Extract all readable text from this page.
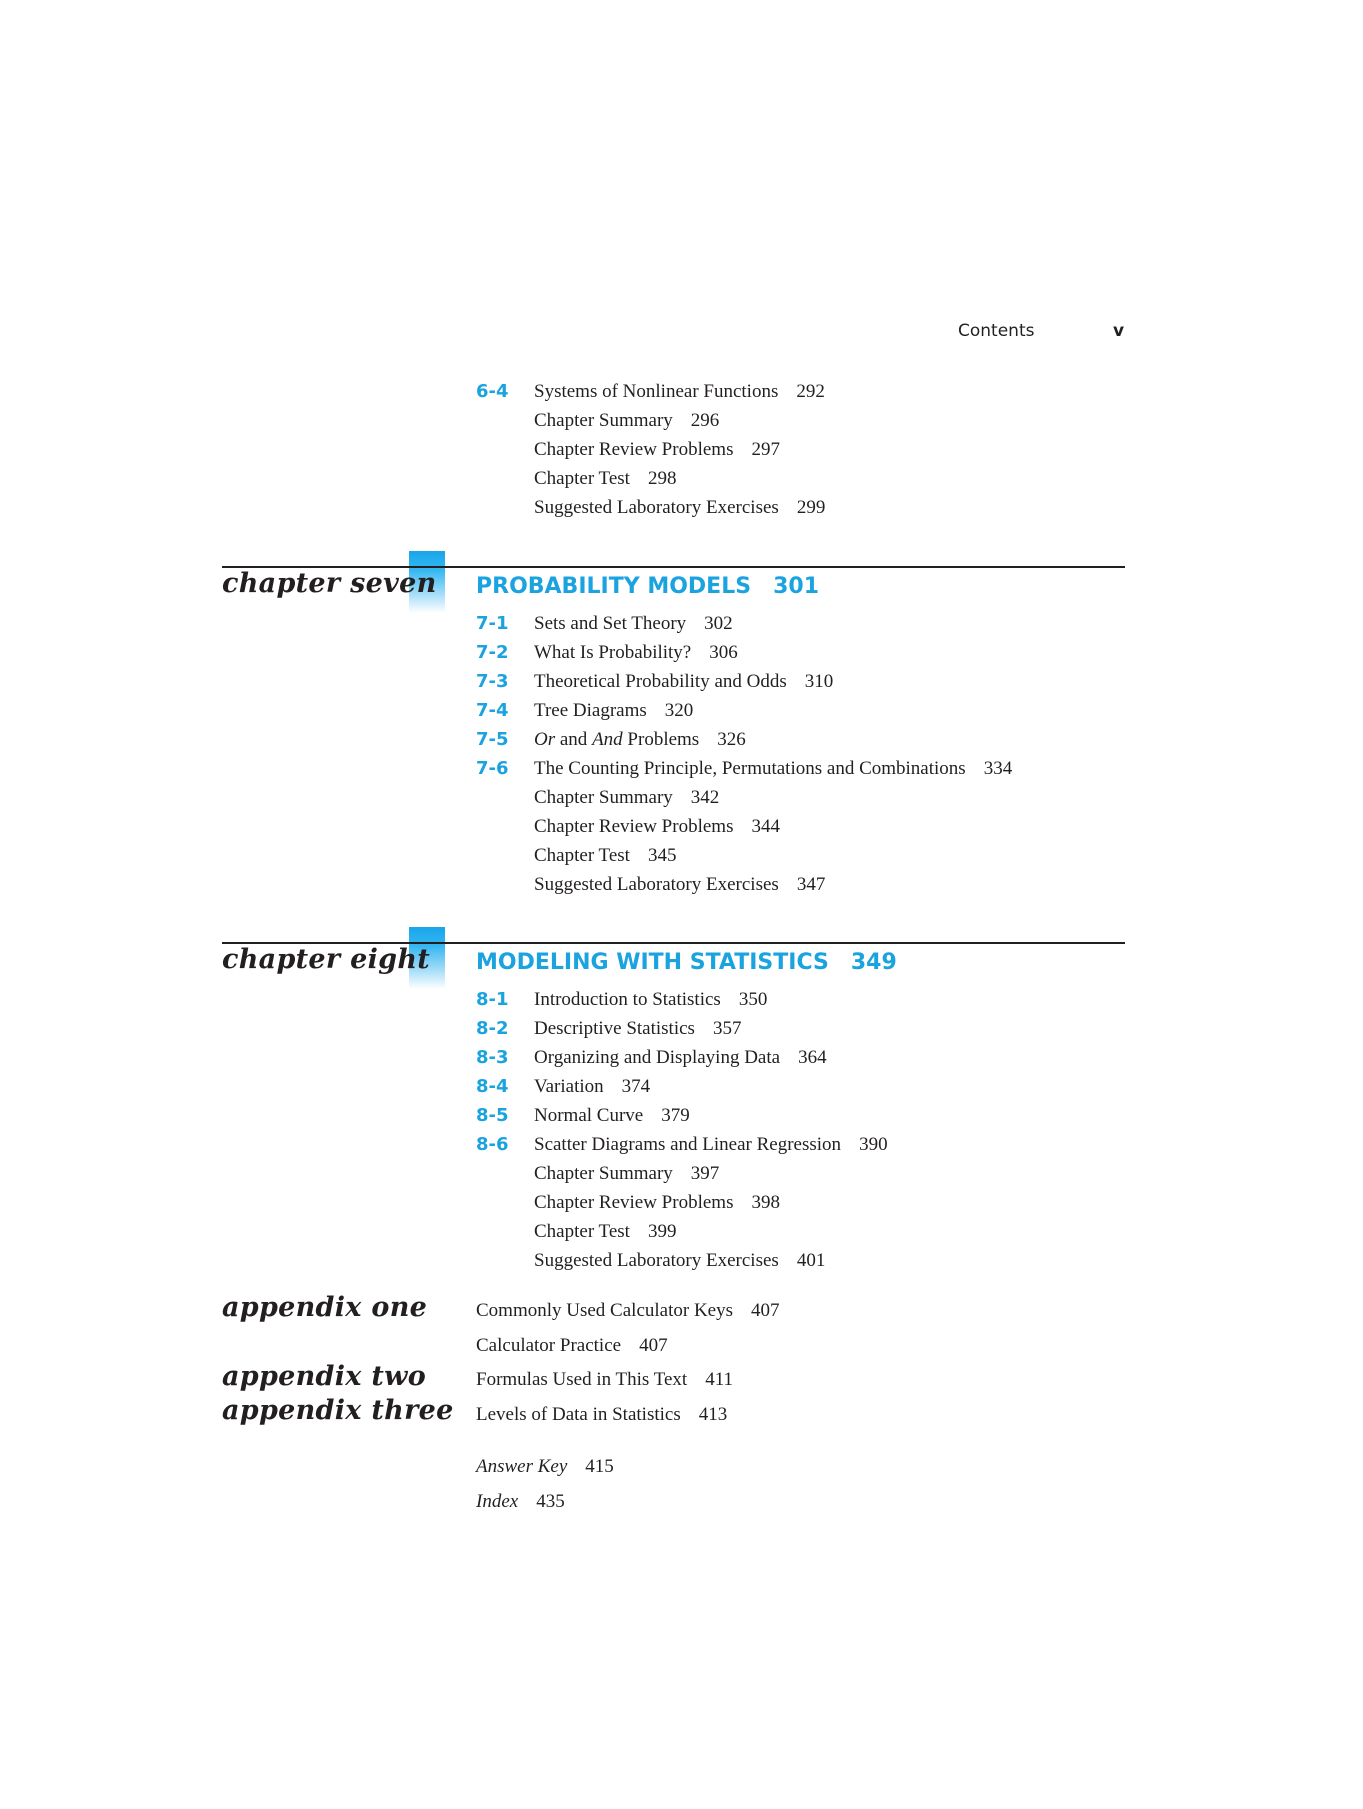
Contents	v
6-4 Systems of Nonlinear Functions 292
Chapter Summary 296
Chapter Review Problems 297
Chapter Test 298
Suggested Laboratory Exercises 299
chapter seven PROBABILITY MODELS 301
7-1 Sets and Set Theory 302
7-2 What Is Probability? 306
7-3 Theoretical Probability and Odds 310
7-4 Tree Diagrams 320
7-5 Or and And Problems 326
7-6 The Counting Principle, Permutations and Combinations 334
Chapter Summary 342
Chapter Review Problems 344
Chapter Test 345
Suggested Laboratory Exercises 347
chapter eight MODELING WITH STATISTICS 349
8-1 Introduction to Statistics 350
8-2 Descriptive Statistics 357
8-3 Organizing and Displaying Data 364
8-4 Variation 374
8-5 Normal Curve 379
8-6 Scatter Diagrams and Linear Regression 390
Chapter Summary 397
Chapter Review Problems 398
Chapter Test 399
Suggested Laboratory Exercises 401
appendix one	Commonly Used Calculator Keys 407
Calculator Practice 407
appendix two	Formulas Used in This Text 411
appendix three Levels of Data in Statistics 413
Answer Key 415
Index 435
